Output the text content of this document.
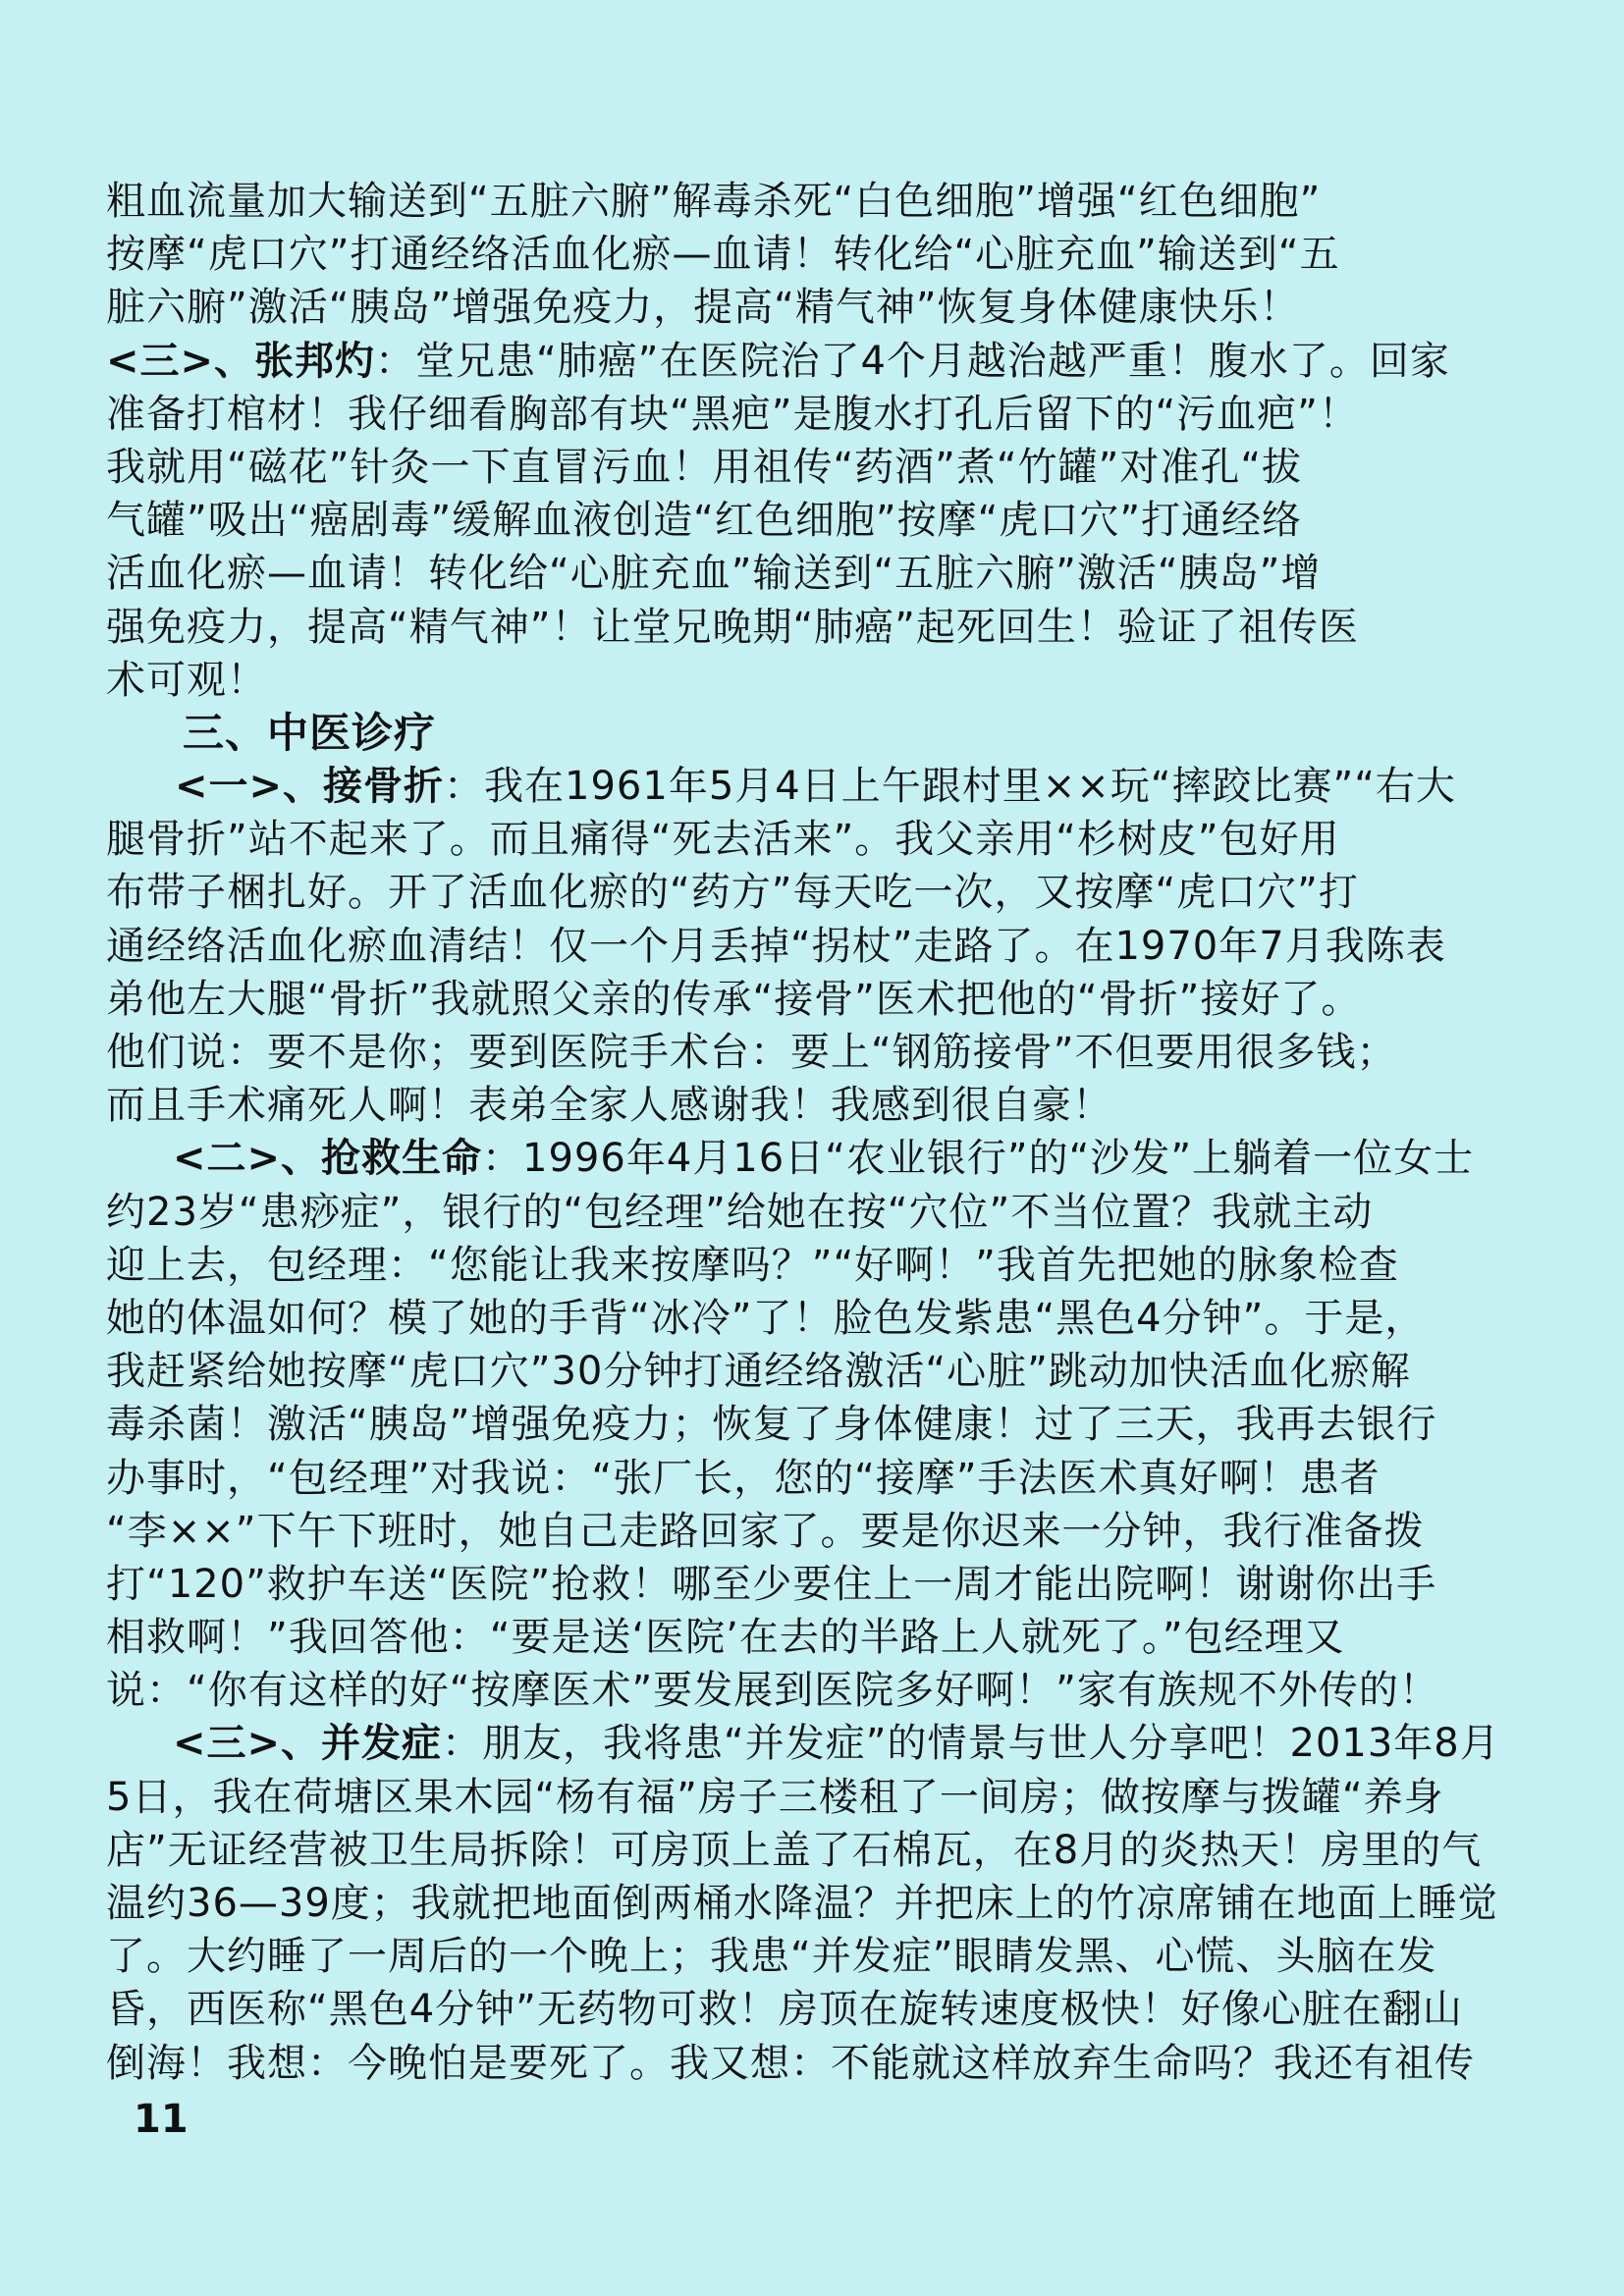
粗血流量加大输送到“五脏六腑”解毒杀死“白色细胞”增强“红色细胞”
按摩“虎口穴”打通经络活血化瘀—血请！转化给“心脏充血”输送到“五
脏六腑”激活“胰岛”增强免疫力，提高“精气神”恢复身体健康快乐！
<三>、张邦灼：堂兄患“肺癌”在医院治了4个月越治越严重！腹水了。回家
准备打棺材！我仔细看胸部有块“黑疤”是腹水打孔后留下的“污血疤”！
我就用“磁花”针灸一下直冒污血！用祖传“药酒”煮“竹罐”对准孔“拔
气罐”吸出“癌剧毒”缓解血液创造“红色细胞”按摩“虎口穴”打通经络
活血化瘀—血请！转化给“心脏充血”输送到“五脏六腑”激活“胰岛”增
强免疫力，提高“精气神”！让堂兄晚期“肺癌”起死回生！验证了祖传医
术可观！
三、中医诊疗
<一>、接骨折：我在1961年5月4日上午跟村里××玩“摔跤比赛”“右大
腿骨折”站不起来了。而且痛得“死去活来”。我父亲用“杉树皮”包好用
布带子梱扎好。开了活血化瘀的“药方”每天吃一次，又按摩“虎口穴”打
通经络活血化瘀血清结！仅一个月丢掉“拐杖”走路了。在1970年7月我陈表
弟他左大腿“骨折”我就照父亲的传承“接骨”医术把他的“骨折”接好了。
他们说：要不是你；要到医院手术台：要上“钢筋接骨”不但要用很多钱；
而且手术痛死人啊！表弟全家人感谢我！我感到很自豪！
<二>、抢救生命：1996年4月16日“农业银行”的“沙发”上躺着一位女士
约23岁“患痧症”，银行的“包经理”给她在按“穴位”不当位置？我就主动
迎上去，包经理：“您能让我来按摩吗？”“好啊！”我首先把她的脉象检查
她的体温如何？模了她的手背“冰冷”了！脸色发紫患“黑色4分钟”。于是，
我赶紧给她按摩“虎口穴”30分钟打通经络激活“心脏”跳动加快活血化瘀解
毒杀菌！激活“胰岛”增强免疫力；恢复了身体健康！过了三天，我再去银行
办事时，“包经理”对我说：“张厂长，您的“接摩”手法医术真好啊！患者
“李××”下午下班时，她自己走路回家了。要是你迟来一分钟，我行准备拨
打“120”救护车送“医院”抢救！哪至少要住上一周才能出院啊！谢谢你出手
相救啊！”我回答他：“要是送‘医院’在去的半路上人就死了。”包经理又
说：“你有这样的好“按摩医术”要发展到医院多好啊！”家有族规不外传的！
<三>、并发症：朋友，我将患“并发症”的情景与世人分享吧！2013年8月
5日，我在荷塘区果木园“杨有福”房子三楼租了一间房；做按摩与拨罐“养身
店”无证经营被卫生局拆除！可房顶上盖了石棉瓦，在8月的炎热天！房里的气
温约36—39度；我就把地面倒两桶水降温？并把床上的竹凉席铺在地面上睡觉
了。大约睡了一周后的一个晚上；我患“并发症”眼睛发黑、心慌、头脑在发
昏，西医称“黑色4分钟”无药物可救！房顶在旋转速度极快！好像心脏在翻山
倒海！我想：今晚怕是要死了。我又想：不能就这样放弃生命吗？我还有祖传
11
